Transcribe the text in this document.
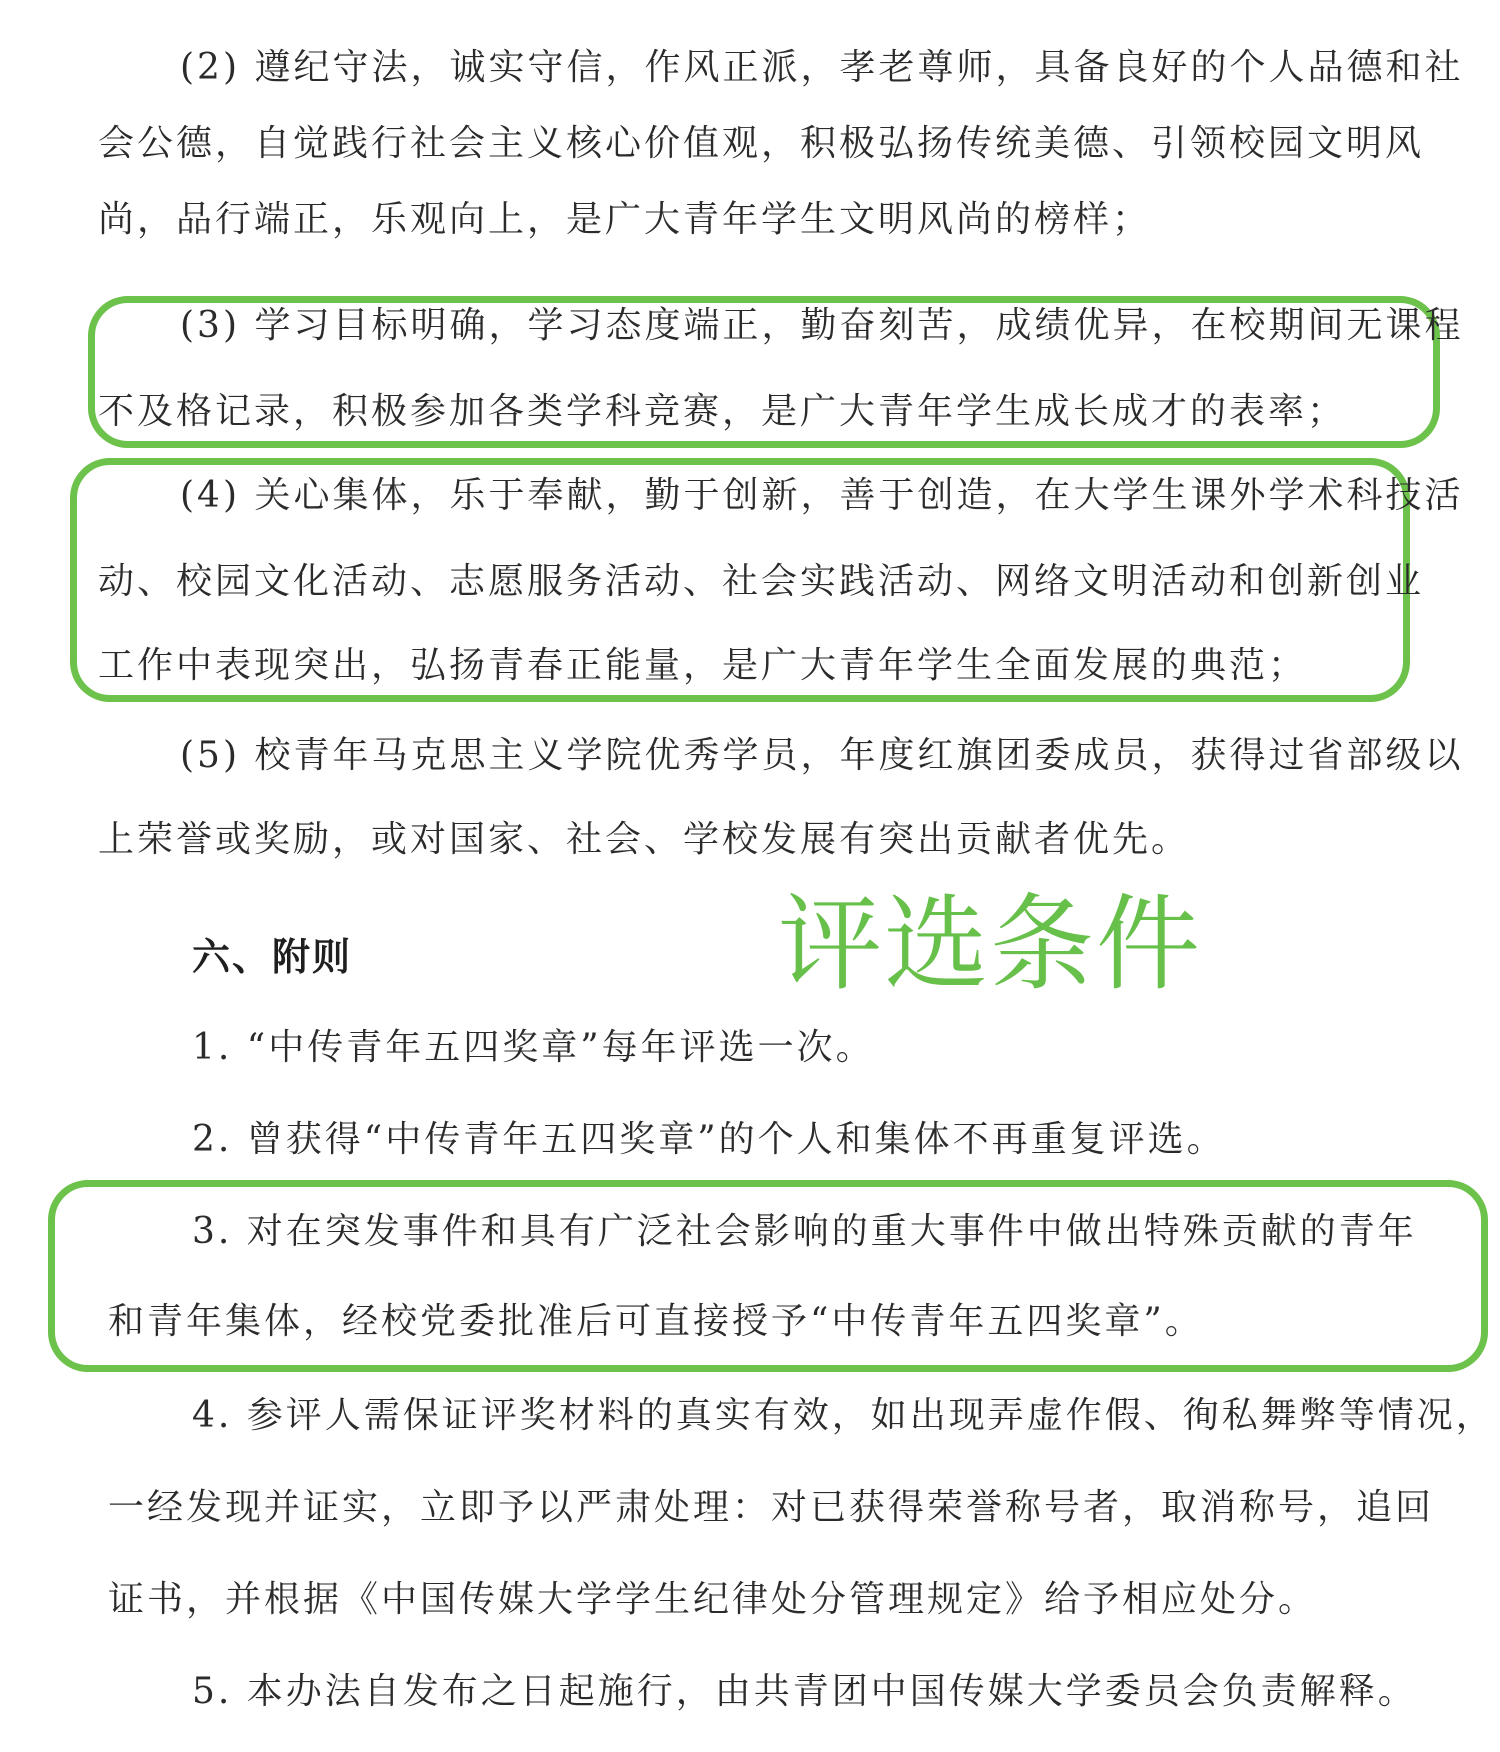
(2) 遵纪守法，诚实守信，作风正派，孝老尊师，具备良好的个人品德和社
会公德，自觉践行社会主义核心价值观，积极弘扬传统美德、引领校园文明风
尚，品行端正，乐观向上，是广大青年学生文明风尚的榜样；
(3) 学习目标明确，学习态度端正，勤奋刻苦，成绩优异，在校期间无课程
不及格记录，积极参加各类学科竞赛，是广大青年学生成长成才的表率；
(4) 关心集体，乐于奉献，勤于创新，善于创造，在大学生课外学术科技活
动、校园文化活动、志愿服务活动、社会实践活动、网络文明活动和创新创业
工作中表现突出，弘扬青春正能量，是广大青年学生全面发展的典范；
(5) 校青年马克思主义学院优秀学员，年度红旗团委成员，获得过省部级以
上荣誉或奖励，或对国家、社会、学校发展有突出贡献者优先。
六、附则	评选条件
1. “中传青年五四奖章”每年评选一次。
2. 曾获得“中传青年五四奖章”的个人和集体不再重复评选。
3. 对在突发事件和具有广泛社会影响的重大事件中做出特殊贡献的青年
和青年集体，经校党委批准后可直接授予“中传青年五四奖章”。
4. 参评人需保证评奖材料的真实有效，如出现弄虚作假、徇私舞弊等情况，
一经发现并证实，立即予以严肃处理：对已获得荣誉称号者，取消称号，追回
证书，并根据《中国传媒大学学生纪律处分管理规定》给予相应处分。
5. 本办法自发布之日起施行，由共青团中国传媒大学委员会负责解释。
